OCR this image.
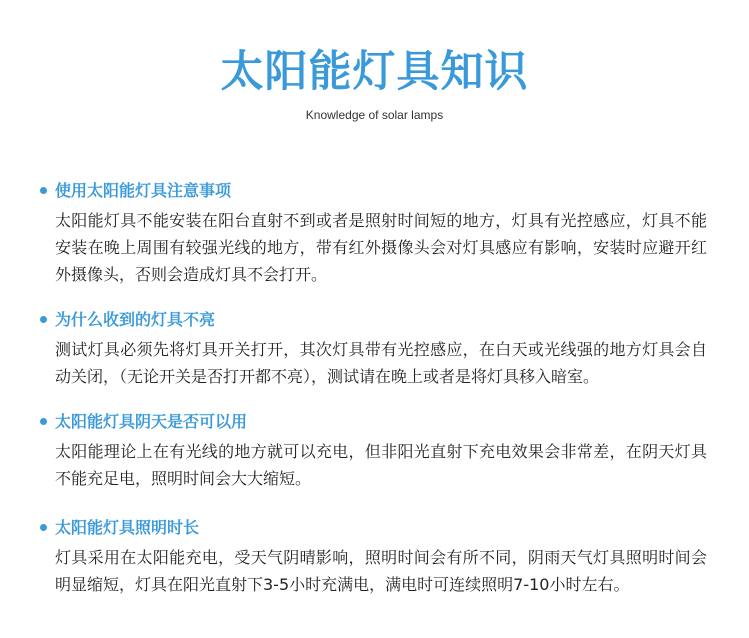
太阳能灯具知识

Knowledge of solar lamps

使用太阳能灯具注意事项

太阳能灯具不能安装在阳台直射不到或者是照射时间短的地方，灯具有光控感应，灯具不能安装在晚上周围有较强光线的地方，带有红外摄像头会对灯具感应有影响，安装时应避开红外摄像头，否则会造成灯具不会打开。

为什么收到的灯具不亮

测试灯具必须先将灯具开关打开，其次灯具带有光控感应，在白天或光线强的地方灯具会自动关闭，（无论开关是否打开都不亮），测试请在晚上或者是将灯具移入暗室。

太阳能灯具阴天是否可以用

太阳能理论上在有光线的地方就可以充电，但非阳光直射下充电效果会非常差，在阴天灯具不能充足电，照明时间会大大缩短。

太阳能灯具照明时长

灯具采用在太阳能充电，受天气阴晴影响，照明时间会有所不同，阴雨天气灯具照明时间会明显缩短，灯具在阳光直射下3-5小时充满电，满电时可连续照明7-10小时左右。
